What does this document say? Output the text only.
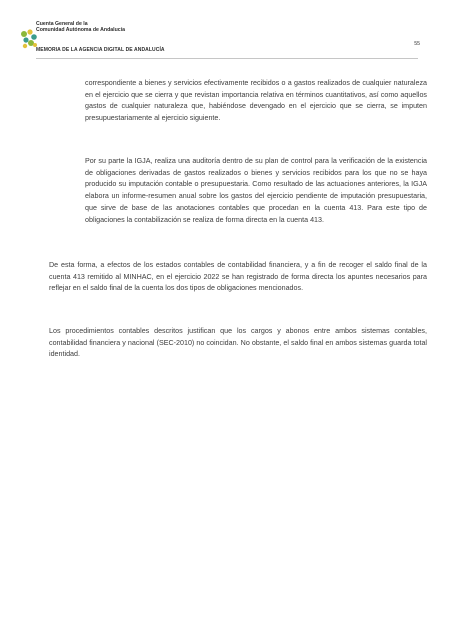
Cuenta General de la
Comunidad Autónoma de Andalucía
MEMORIA DE LA AGENCIA DIGITAL DE ANDALUCÍA
55

correspondiente a bienes y servicios efectivamente recibidos o a gastos realizados de cualquier naturaleza en el ejercicio que se cierra y que revistan importancia relativa en términos cuantitativos, así como aquellos gastos de cualquier naturaleza que, habiéndose devengado en el ejercicio que se cierra, se imputen presupuestariamente al ejercicio siguiente.

Por su parte la IGJA, realiza una auditoría dentro de su plan de control para la verificación de la existencia de obligaciones derivadas de gastos realizados o bienes y servicios recibidos para los que no se haya producido su imputación contable o presupuestaria. Como resultado de las actuaciones anteriores, la IGJA elabora un informe-resumen anual sobre los gastos del ejercicio pendiente de imputación presupuestaria, que sirve de base de las anotaciones contables que procedan en la cuenta 413. Para este tipo de obligaciones la contabilización se realiza de forma directa en la cuenta 413.

De esta forma, a efectos de los estados contables de contabilidad financiera, y a fin de recoger el saldo final de la cuenta 413 remitido al MINHAC, en el ejercicio 2022 se han registrado de forma directa los apuntes necesarios para reflejar en el saldo final de la cuenta los dos tipos de obligaciones mencionados.

Los procedimientos contables descritos justifican que los cargos y abonos entre ambos sistemas contables, contabilidad financiera y nacional (SEC-2010) no coincidan. No obstante, el saldo final en ambos sistemas guarda total identidad.
